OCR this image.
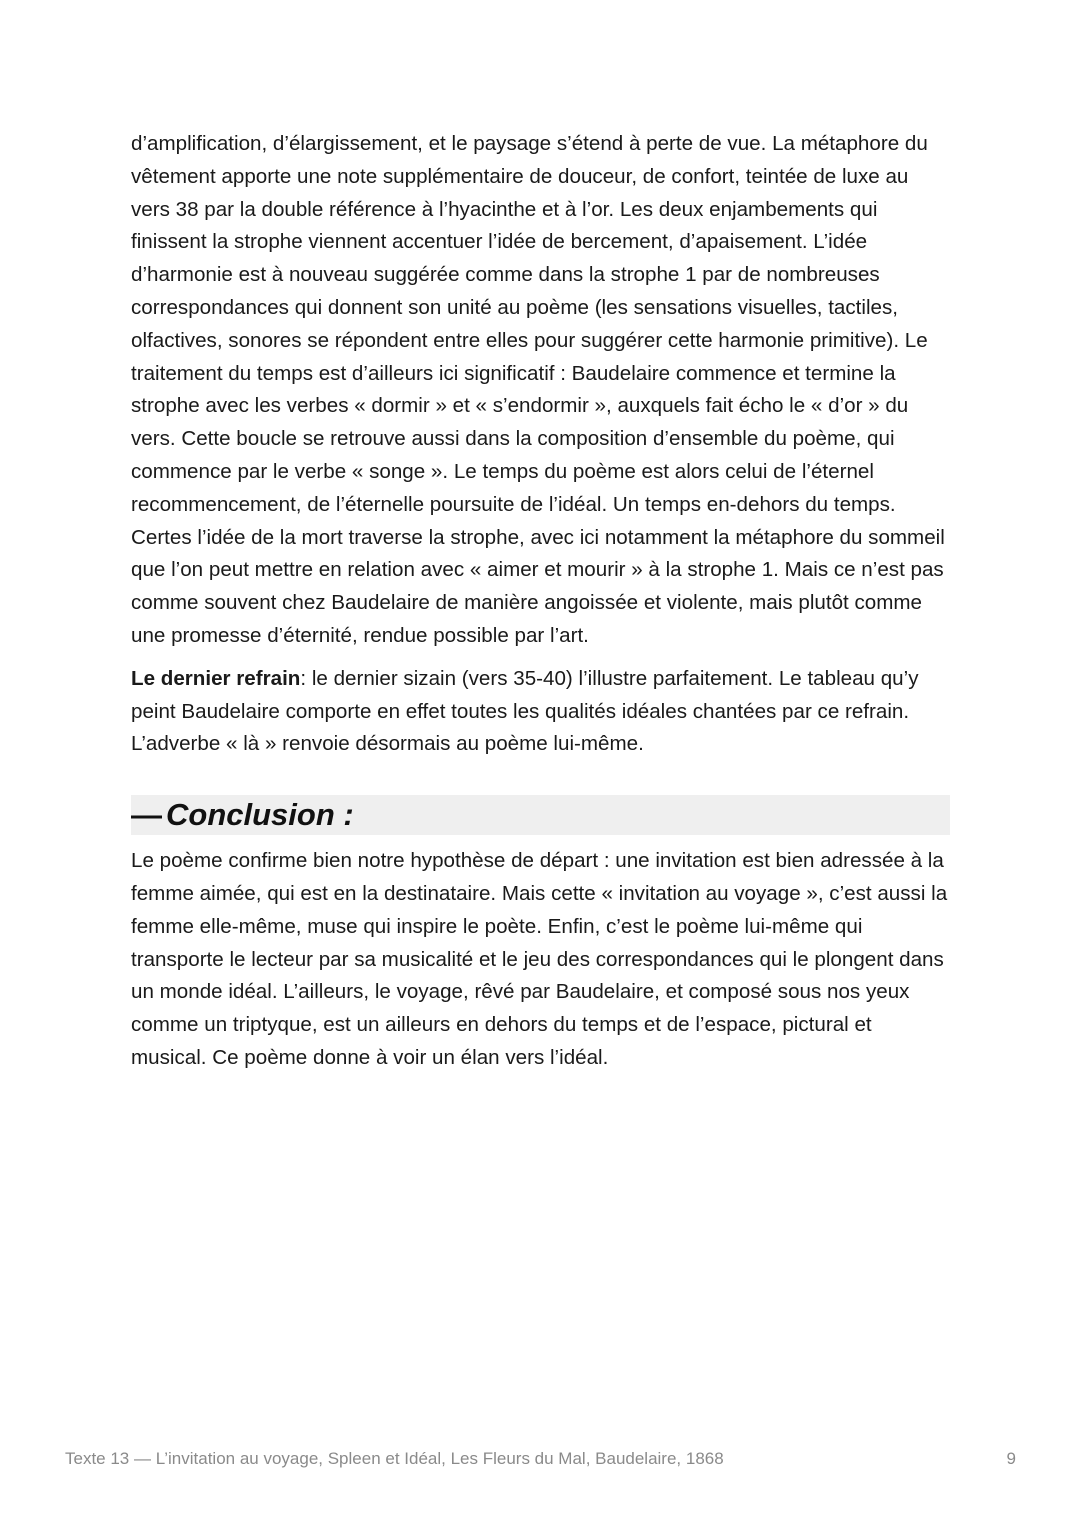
d’amplification, d’élargissement, et le paysage s’étend à perte de vue. La métaphore du vêtement apporte une note supplémentaire de douceur, de confort, teintée de luxe au vers 38 par la double référence à l’hyacinthe et à l’or. Les deux enjambements qui finissent la strophe viennent accentuer l’idée de bercement, d’apaisement. L’idée d’harmonie est à nouveau suggérée comme dans la strophe 1 par de nombreuses correspondances qui donnent son unité au poème (les sensations visuelles, tactiles, olfactives, sonores se répondent entre elles pour suggérer cette harmonie primitive). Le traitement du temps est d’ailleurs ici significatif : Baudelaire commence et termine la strophe avec les verbes « dormir » et « s’endormir », auxquels fait écho le « d’or » du vers. Cette boucle se retrouve aussi dans la composition d’ensemble du poème, qui commence par le verbe « songe ». Le temps du poème est alors celui de l’éternel recommencement, de l’éternelle poursuite de l’idéal. Un temps en-dehors du temps. Certes l’idée de la mort traverse la strophe, avec ici notamment la métaphore du sommeil que l’on peut mettre en relation avec « aimer et mourir » à la strophe 1. Mais ce n’est pas comme souvent chez Baudelaire de manière angoissée et violente, mais plutôt comme une promesse d’éternité, rendue possible par l’art.

Le dernier refrain: le dernier sizain (vers 35-40) l’illustre parfaitement. Le tableau qu’y peint Baudelaire comporte en effet toutes les qualités idéales chantées par ce refrain. L’adverbe « là » renvoie désormais au poème lui-même.

— Conclusion :

Le poème confirme bien notre hypothèse de départ : une invitation est bien adressée à la femme aimée, qui est en la destinataire. Mais cette « invitation au voyage », c’est aussi la femme elle-même, muse qui inspire le poète. Enfin, c’est le poème lui-même qui transporte le lecteur par sa musicalité et le jeu des correspondances qui le plongent dans un monde idéal. L’ailleurs, le voyage, rêvé par Baudelaire, et composé sous nos yeux comme un triptyque, est un ailleurs en dehors du temps et de l’espace, pictural et musical. Ce poème donne à voir un élan vers l’idéal.

Texte 13 — L’invitation au voyage, Spleen et Idéal, Les Fleurs du Mal, Baudelaire, 1868	9
